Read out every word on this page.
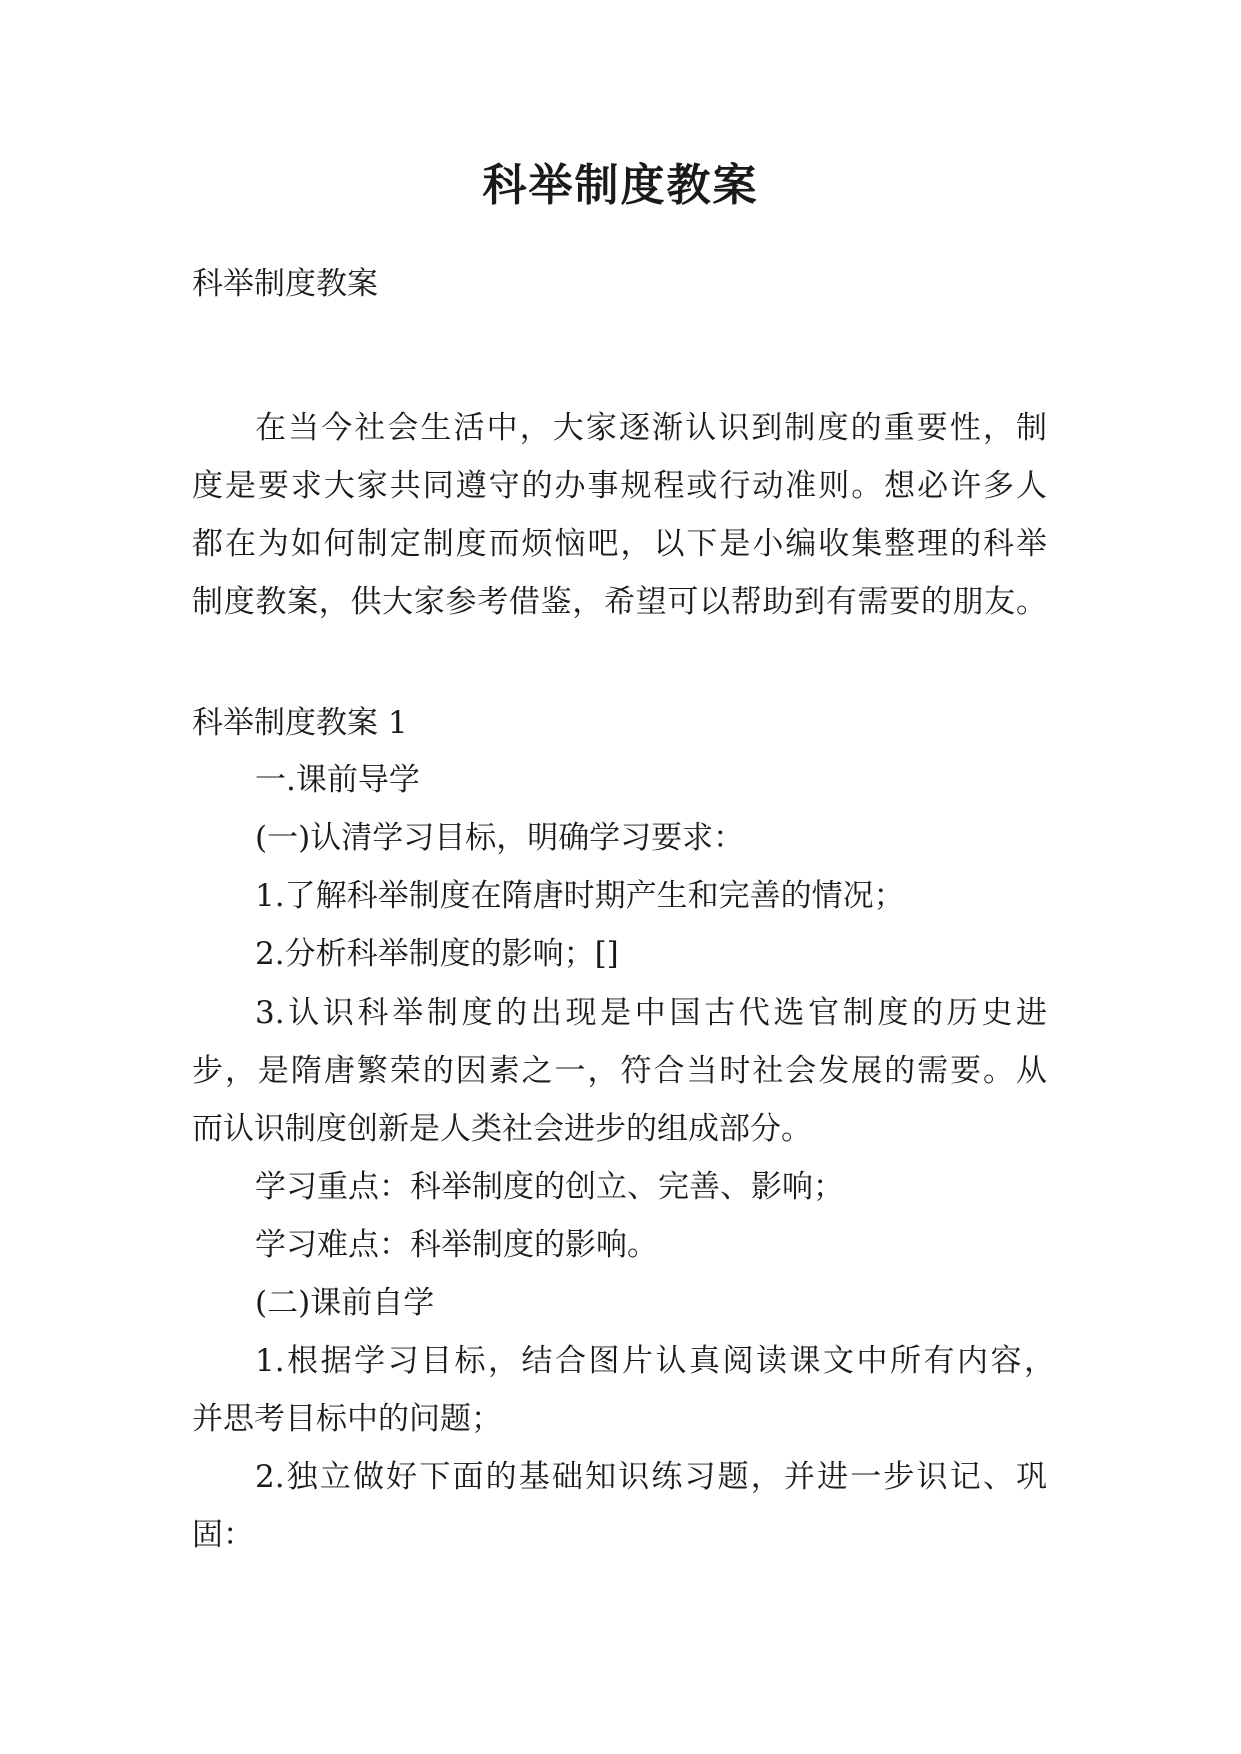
科举制度教案
科举制度教案
在当今社会生活中，大家逐渐认识到制度的重要性，制
度是要求大家共同遵守的办事规程或行动准则。想必许多人
都在为如何制定制度而烦恼吧，以下是小编收集整理的科举
制度教案，供大家参考借鉴，希望可以帮助到有需要的朋友。
科举制度教案 1
一.课前导学
(一)认清学习目标，明确学习要求：
1.了解科举制度在隋唐时期产生和完善的情况；
2.分析科举制度的影响；[]
3.认识科举制度的出现是中国古代选官制度的历史进
步，是隋唐繁荣的因素之一，符合当时社会发展的需要。从
而认识制度创新是人类社会进步的组成部分。
学习重点：科举制度的创立、完善、影响；
学习难点：科举制度的影响。
(二)课前自学
1.根据学习目标，结合图片认真阅读课文中所有内容，
并思考目标中的问题；
2.独立做好下面的基础知识练习题，并进一步识记、巩
固：
